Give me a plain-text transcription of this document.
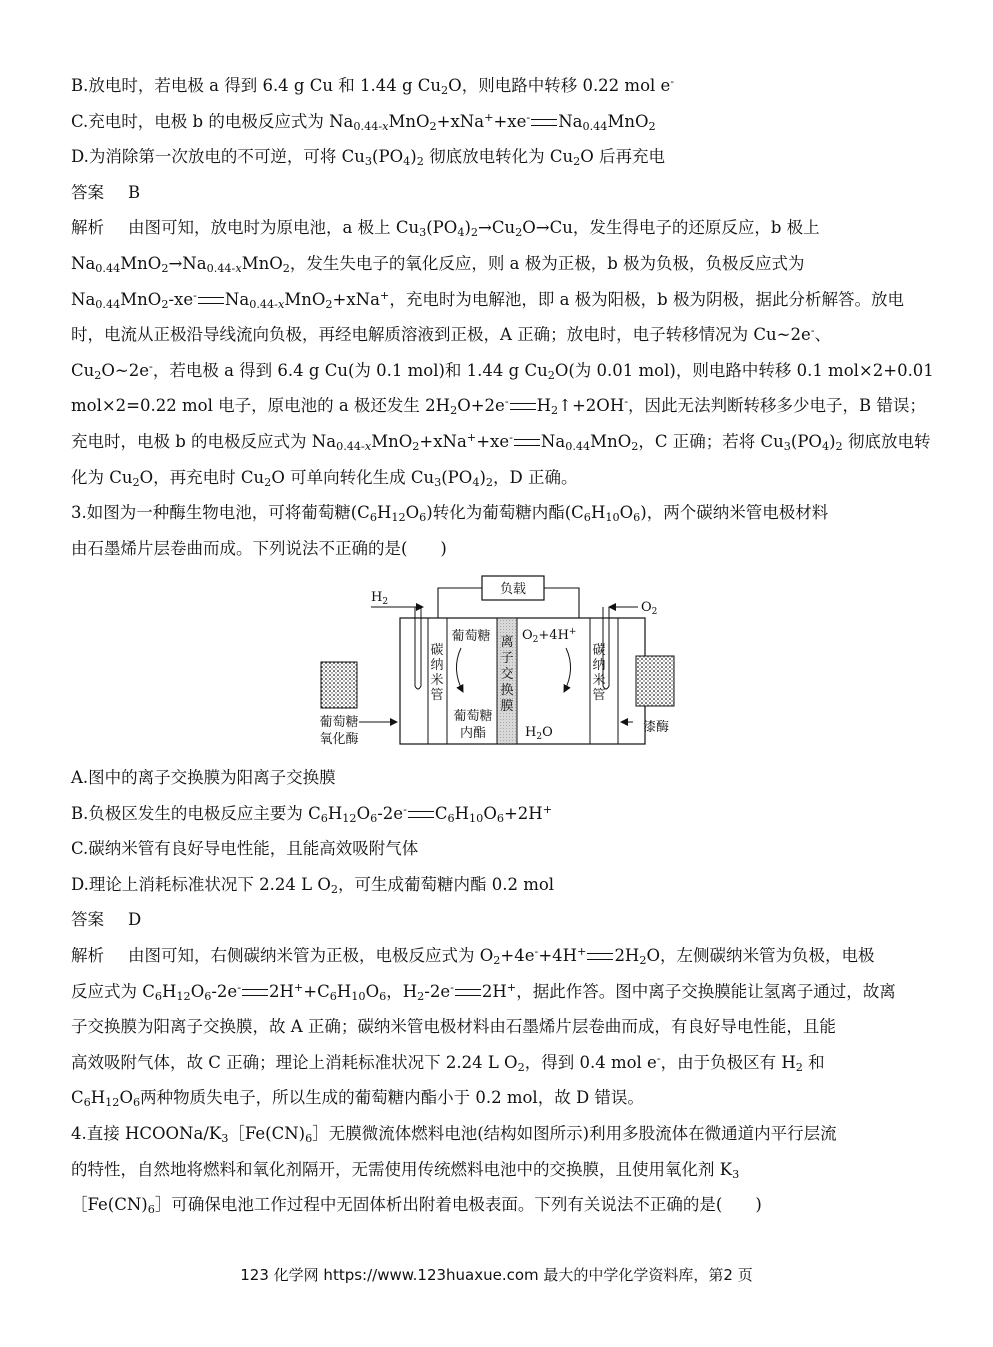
B.放电时，若电极 a 得到 6.4 g Cu 和 1.44 g $Cu_2O$，则电路中转移 0.22 mol e-
C.充电时，电极 b 的电极反应式为 $Na_{0.44-x}MnO_2+xNa^++xe^-$ $Na_{0.44}MnO_2$
D.为消除第一次放电的不可逆，可将 $Cu_3(PO_4)_2$ 彻底放电转化为 $Cu_2O$ 后再充电
答案 B
解析 由图可知，放电时为原电池，a 极上 $Cu_3(PO_4)_2\to Cu_2O\to Cu$，发生得电子的还原反应，b 极上
$Na_{0.44}MnO_2\to Na_{0.44-x}MnO_2$，发生失电子的氧化反应，则 a 极为正极，b 极为负极，负极反应式为
$Na_{0.44}MnO_2-xe^-$ $Na_{0.44-x}MnO_2+xNa^+$，充电时为电解池，即 a 极为阳极，b 极为阴极，据此分析解答。放电
时，电流从正极沿导线流向负极，再经电解质溶液到正极，A 正确；放电时，电子转移情况为 Cu~2e-、
$Cu_2O\sim 2e^-$，若电极 a 得到 6.4 g Cu(为 0.1 mol)和 1.44 g $Cu_2O$(为 0.01 mol)，则电路中转移 0.1 mol×2+0.01
mol×2=0.22 mol 电子，原电池的 a 极还发生 $2H_2O+2e^-$ $H_2↑+2OH^-$，因此无法判断转移多少电子，B 错误；
充电时，电极 b 的电极反应式为 $Na_{0.44-x}MnO_2+xNa^++xe^-$ $Na_{0.44}MnO_2$，C 正确；若将 $Cu_3(PO_4)_2$ 彻底放电转
化为 $Cu_2O$，再充电时 $Cu_2O$ 可单向转化生成 $Cu_3(PO_4)_2$，D 正确。
3.如图为一种酶生物电池，可将葡萄糖$(C_6H_{12}O_6)$转化为葡萄糖内酯$(C_6H_{10}O_6)$，两个碳纳米管电极材料
由石墨烯片层卷曲而成。下列说法不正确的是(　　)
负载
$H_2$	$O_2$
碳
纳
米
管
碳
纳
米
管
离
子
交
换
膜
葡萄糖
葡萄糖
内酯
$O_2+4H^+$
$H_2O$
葡萄糖
氧化酶
漆酶
A.图中的离子交换膜为阳离子交换膜
B.负极区发生的电极反应主要为 $C_6H_{12}O_6-2e^-$ $C_6H_{10}O_6+2H^+$
C.碳纳米管有良好导电性能，且能高效吸附气体
D.理论上消耗标准状况下 2.24 L $O_2$，可生成葡萄糖内酯 0.2 mol
答案 D
解析 由图可知，右侧碳纳米管为正极，电极反应式为 $O_2+4e^-+4H^+$ $2H_2O$，左侧碳纳米管为负极，电极
反应式为 $C_6H_{12}O_6-2e^-$ $2H^++C_6H_{10}O_6$，$H_2-2e^-$ 2H+，据此作答。图中离子交换膜能让氢离子通过，故离
子交换膜为阳离子交换膜，故 A 正确；碳纳米管电极材料由石墨烯片层卷曲而成，有良好导电性能，且能
高效吸附气体，故 C 正确；理论上消耗标准状况下 2.24 L $O_2$，得到 0.4 mol e-，由于负极区有 $H_2$ 和
$C_6H_{12}O_6$两种物质失电子，所以生成的葡萄糖内酯小于 0.2 mol，故 D 错误。
4.直接 HCOONa/$K_3[Fe(CN)_6]$无膜微流体燃料电池(结构如图所示)利用多股流体在微通道内平行层流
的特性，自然地将燃料和氧化剂隔开，无需使用传统燃料电池中的交换膜，且使用氧化剂 $K_3$
$[Fe(CN)_6]$可确保电池工作过程中无固体析出附着电极表面。下列有关说法不正确的是(　　)
123 化学网 https://www.123huaxue.com 最大的中学化学资料库，第2 页
